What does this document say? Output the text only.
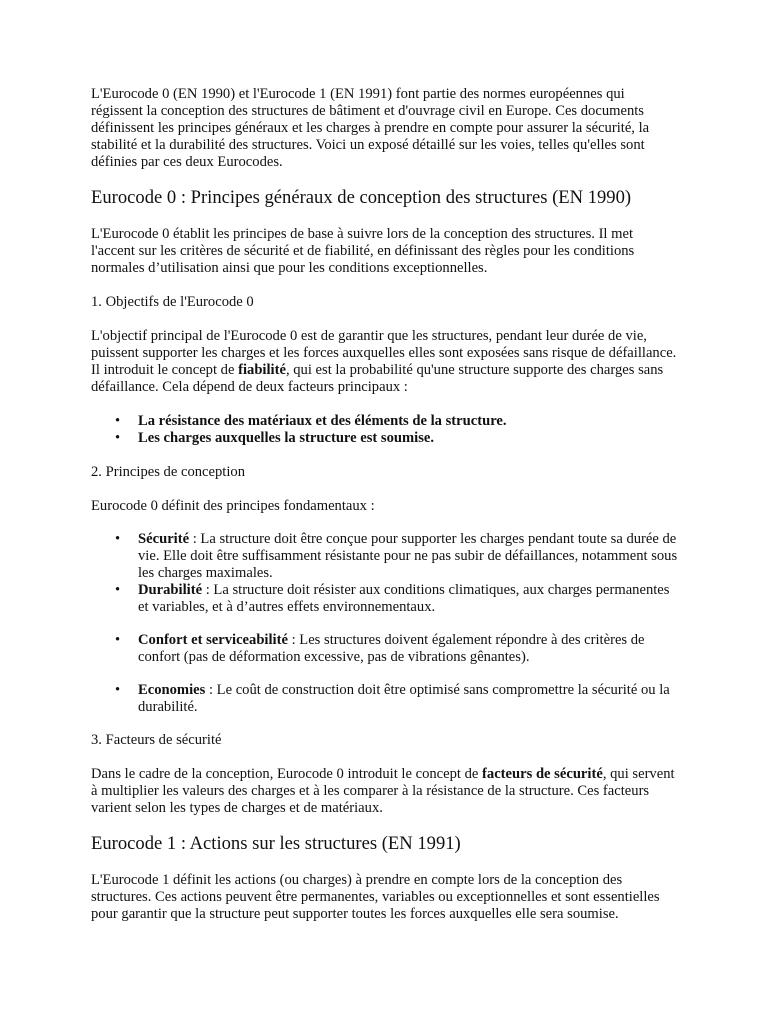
L'Eurocode 0 (EN 1990) et l'Eurocode 1 (EN 1991) font partie des normes européennes qui régissent la conception des structures de bâtiment et d'ouvrage civil en Europe. Ces documents définissent les principes généraux et les charges à prendre en compte pour assurer la sécurité, la stabilité et la durabilité des structures. Voici un exposé détaillé sur les voies, telles qu'elles sont définies par ces deux Eurocodes.

Eurocode 0 : Principes généraux de conception des structures (EN 1990)

L'Eurocode 0 établit les principes de base à suivre lors de la conception des structures. Il met l'accent sur les critères de sécurité et de fiabilité, en définissant des règles pour les conditions normales d’utilisation ainsi que pour les conditions exceptionnelles.

1. Objectifs de l'Eurocode 0

L'objectif principal de l'Eurocode 0 est de garantir que les structures, pendant leur durée de vie, puissent supporter les charges et les forces auxquelles elles sont exposées sans risque de défaillance. Il introduit le concept de fiabilité, qui est la probabilité qu'une structure supporte des charges sans défaillance. Cela dépend de deux facteurs principaux :

• La résistance des matériaux et des éléments de la structure.
• Les charges auxquelles la structure est soumise.

2. Principes de conception

Eurocode 0 définit des principes fondamentaux :

• Sécurité : La structure doit être conçue pour supporter les charges pendant toute sa durée de vie. Elle doit être suffisamment résistante pour ne pas subir de défaillances, notamment sous les charges maximales.
• Durabilité : La structure doit résister aux conditions climatiques, aux charges permanentes et variables, et à d’autres effets environnementaux.
• Confort et serviceabilité : Les structures doivent également répondre à des critères de confort (pas de déformation excessive, pas de vibrations gênantes).
• Economies : Le coût de construction doit être optimisé sans compromettre la sécurité ou la durabilité.

3. Facteurs de sécurité

Dans le cadre de la conception, Eurocode 0 introduit le concept de facteurs de sécurité, qui servent à multiplier les valeurs des charges et à les comparer à la résistance de la structure. Ces facteurs varient selon les types de charges et de matériaux.

Eurocode 1 : Actions sur les structures (EN 1991)

L'Eurocode 1 définit les actions (ou charges) à prendre en compte lors de la conception des structures. Ces actions peuvent être permanentes, variables ou exceptionnelles et sont essentielles pour garantir que la structure peut supporter toutes les forces auxquelles elle sera soumise.
